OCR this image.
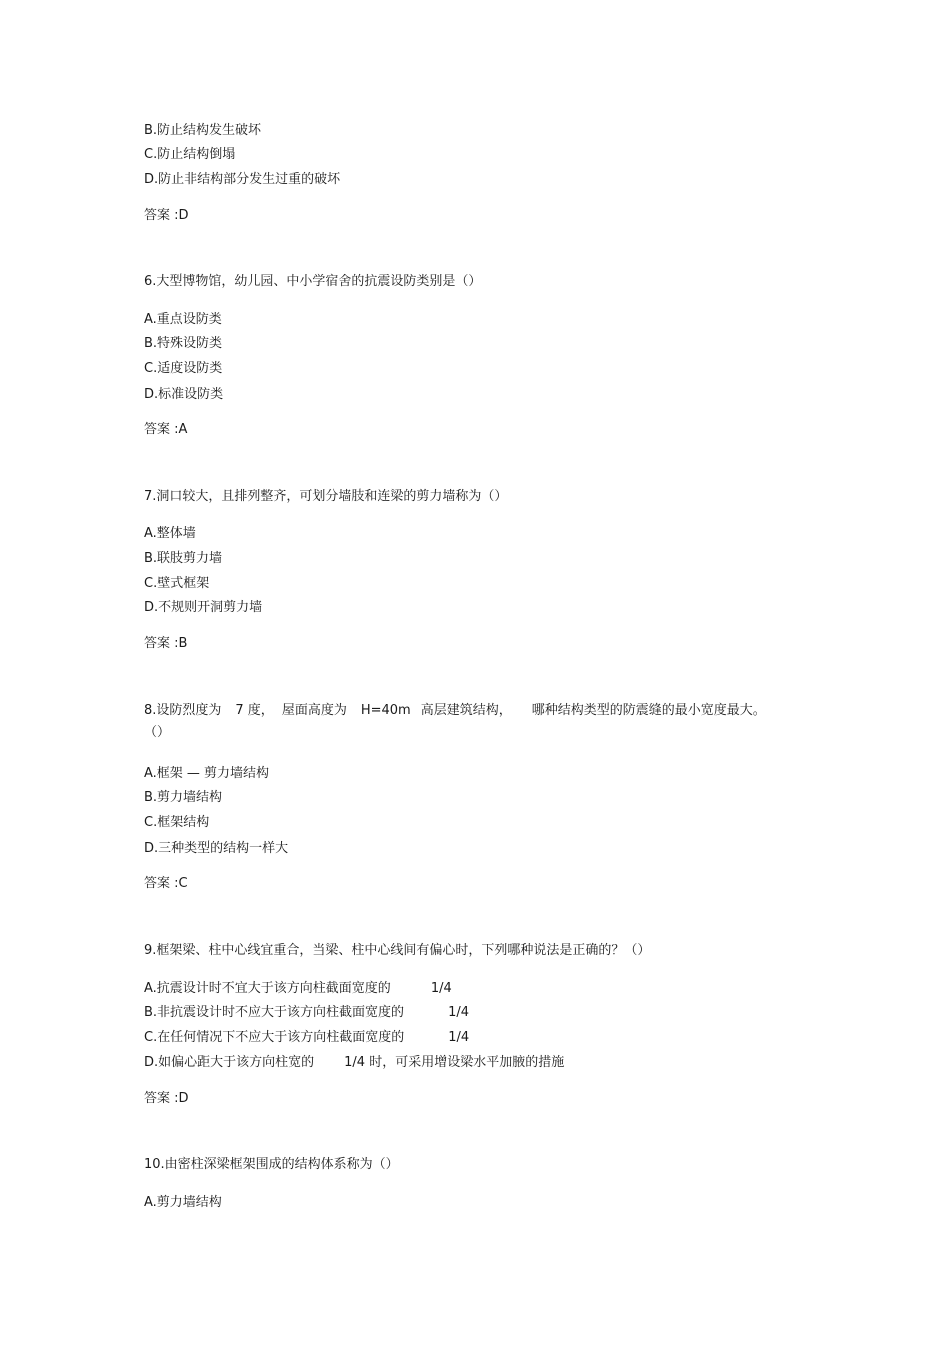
B.防止结构发生破坏
C.防止结构倒塌
D.防止非结构部分发生过重的破坏
答案 :D
6.大型博物馆，幼儿园、中小学宿舍的抗震设防类别是（）
A.重点设防类
B.特殊设防类
C.适度设防类
D.标准设防类
答案 :A
7.洞口较大，且排列整齐，可划分墙肢和连梁的剪力墙称为（）
A.整体墙
B.联肢剪力墙
C.壁式框架
D.不规则开洞剪力墙
答案 :B
8.设防烈度为 7 度， 屋面高度为 H=40m 高层建筑结构， 哪种结构类型的防震缝的最小宽度最大。
（）
A.框架 — 剪力墙结构
B.剪力墙结构
C.框架结构
D.三种类型的结构一样大
答案 :C
9.框架梁、柱中心线宜重合，当梁、柱中心线间有偏心时，下列哪种说法是正确的？（）
A.抗震设计时不宜大于该方向柱截面宽度的	1/4
B.非抗震设计时不应大于该方向柱截面宽度的	1/4
C.在任何情况下不应大于该方向柱截面宽度的	1/4
D.如偏心距大于该方向柱宽的 1/4 时，可采用增设梁水平加腋的措施
答案 :D
10.由密柱深梁框架围成的结构体系称为（）
A.剪力墙结构
